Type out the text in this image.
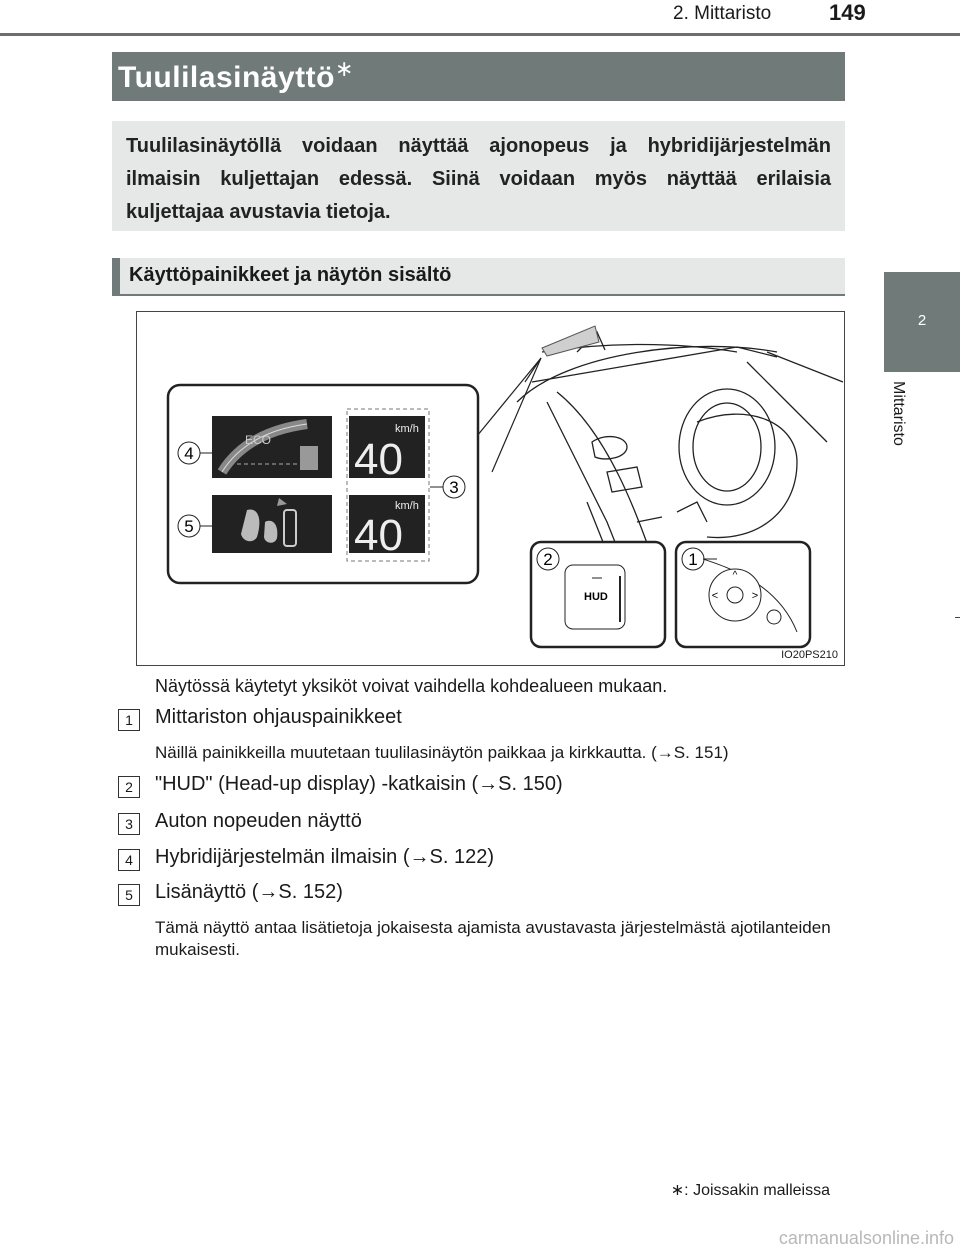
2. Mittaristo	149
2
Mittaristo
Tuulilasinäyttö∗

Tuulilasinäytöllä voidaan näyttää ajonopeus ja hybridijärjestelmän ilmaisin kuljettajan edessä. Siinä voidaan myös näyttää erilaisia kuljettajaa avustavia tietoja.

Käyttöpainikkeet ja näytön sisältö
ECO
km/h
40
km/h
40
4
5
3
HUD
2
^
<	>
1
IO20PS210
Näytössä käytetyt yksiköt voivat vaihdella kohdealueen mukaan.
1	Mittariston ohjauspainikkeet
Näillä painikkeilla muutetaan tuulilasinäytön paikkaa ja kirkkautta. (→S. 151)
2	"HUD" (Head-up display) -katkaisin (→S. 150)
3	Auton nopeuden näyttö
4	Hybridijärjestelmän ilmaisin (→S. 122)
5	Lisänäyttö (→S. 152)
Tämä näyttö antaa lisätietoja jokaisesta ajamista avustavasta järjestelmästä ajotilanteiden mukaisesti.
∗: Joissakin malleissa
carmanualsonline.info
